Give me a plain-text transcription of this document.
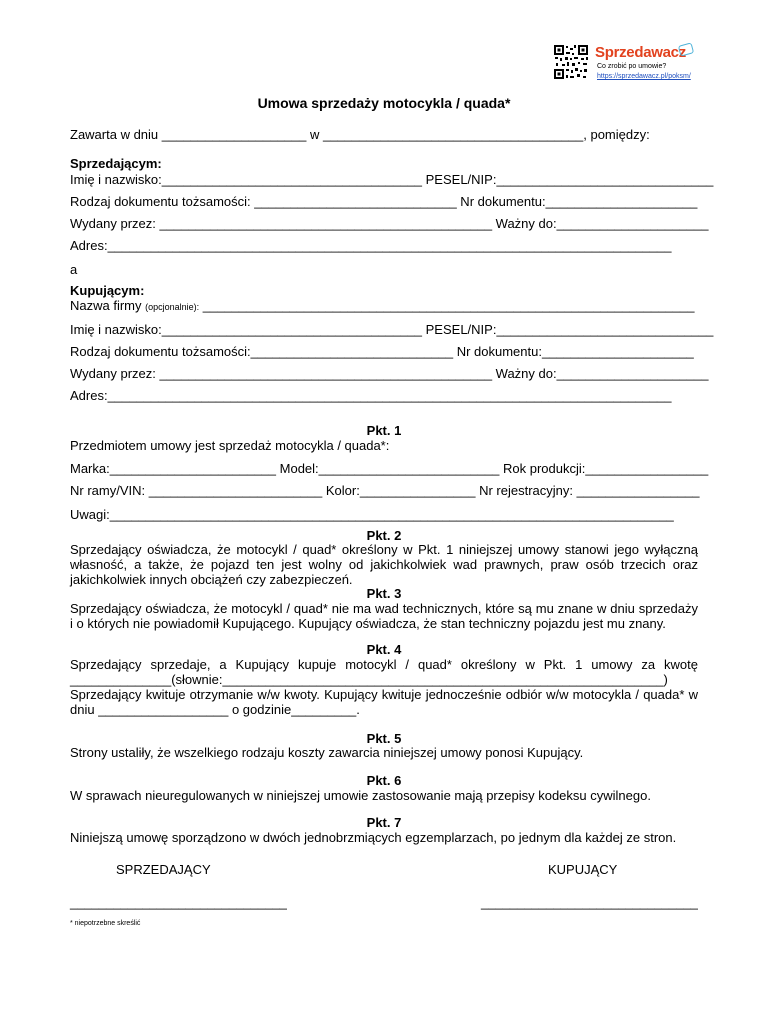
Sprzedawacz
Co zrobić po umowie?
https://sprzedawacz.pl/poksm/
Umowa sprzedaży motocykla / quada*
Zawarta w dniu ____________________ w ____________________________________, pomiędzy:
Sprzedającym:
Imię i nazwisko:____________________________________ PESEL/NIP:______________________________
Rodzaj dokumentu tożsamości: ____________________________ Nr dokumentu:_____________________
Wydany przez: ______________________________________________ Ważny do:_____________________
Adres:______________________________________________________________________________
a
Kupującym:
Nazwa firmy (opcjonalnie): ____________________________________________________________________
Imię i nazwisko:____________________________________ PESEL/NIP:______________________________
Rodzaj dokumentu tożsamości:____________________________ Nr dokumentu:_____________________
Wydany przez: ______________________________________________ Ważny do:_____________________
Adres:______________________________________________________________________________
Pkt. 1
Przedmiotem umowy jest sprzedaż motocykla / quada*:
Marka:_______________________ Model:_________________________ Rok produkcji:_________________
Nr ramy/VIN: ________________________ Kolor:________________ Nr rejestracyjny: _________________
Uwagi:______________________________________________________________________________
Pkt. 2
Sprzedający oświadcza, że motocykl / quad* określony w Pkt. 1 niniejszej umowy stanowi jego wyłączną własność, a także, że pojazd ten jest wolny od jakichkolwiek wad prawnych, praw osób trzecich oraz jakichkolwiek innych obciążeń czy zabezpieczeń.
Pkt. 3
Sprzedający oświadcza, że motocykl / quad* nie ma wad technicznych, które są mu znane w dniu sprzedaży i o których nie powiadomił Kupującego. Kupujący oświadcza, że stan techniczny pojazdu jest mu znany.
Pkt. 4
Sprzedający sprzedaje, a Kupujący kupuje motocykl / quad* określony w Pkt. 1 umowy za kwotę
______________(słownie:_____________________________________________________________)
Sprzedający kwituje otrzymanie w/w kwoty. Kupujący kwituje jednocześnie odbiór w/w motocykla / quada* w
dniu __________________ o godzinie_________.
Pkt. 5
Strony ustaliły, że wszelkiego rodzaju koszty zawarcia niniejszej umowy ponosi Kupujący.
Pkt. 6
W sprawach nieuregulowanych w niniejszej umowie zastosowanie mają przepisy kodeksu cywilnego.
Pkt. 7
Niniejszą umowę sporządzono w dwóch jednobrzmiących egzemplarzach, po jednym dla każdej ze stron.
SPRZEDAJĄCY	KUPUJĄCY
______________________________	______________________________
* niepotrzebne skreślić
